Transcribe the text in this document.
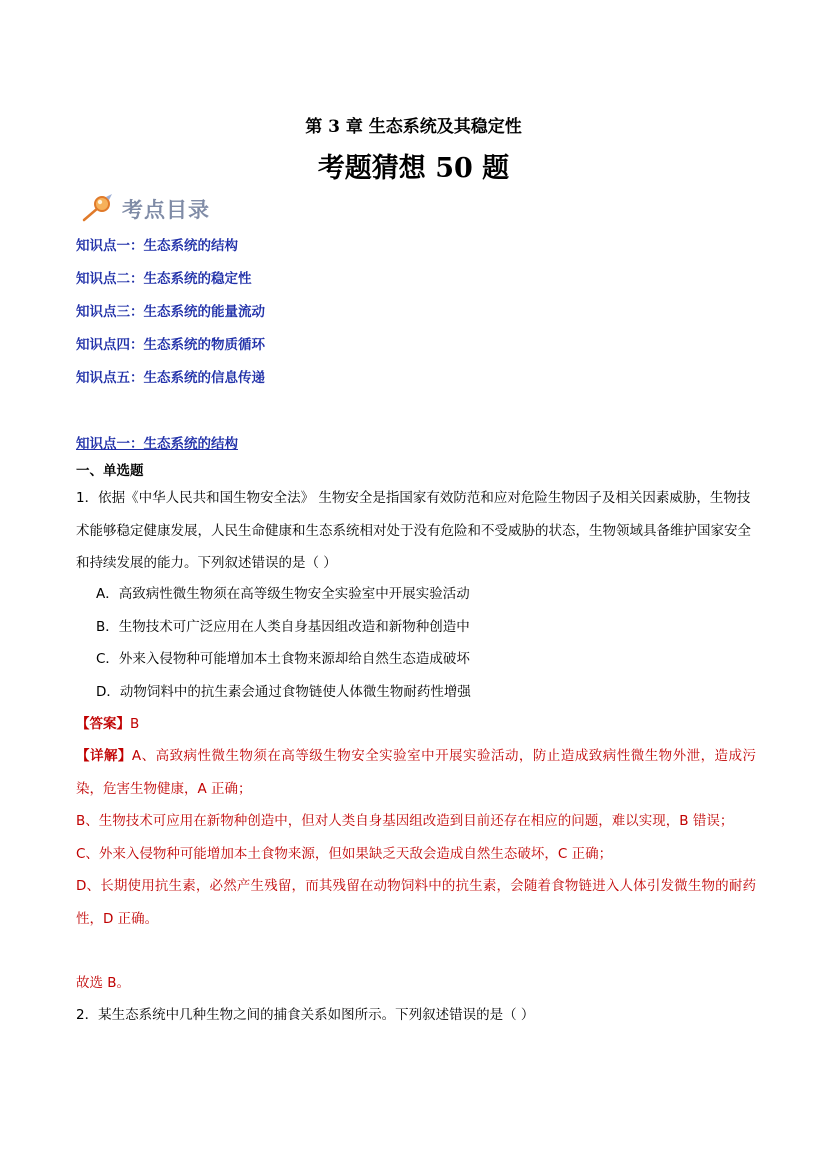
第 3 章 生态系统及其稳定性
考题猜想 50 题
考点目录
知识点一：生态系统的结构
知识点二：生态系统的稳定性
知识点三：生态系统的能量流动
知识点四：生态系统的物质循环
知识点五：生态系统的信息传递
知识点一：生态系统的结构
一、单选题
1．依据《中华人民共和国生物安全法》 生物安全是指国家有效防范和应对危险生物因子及相关因素威胁，生物技术能够稳定健康发展，人民生命健康和生态系统相对处于没有危险和不受威胁的状态，生物领域具备维护国家安全和持续发展的能力。下列叙述错误的是（ ）
A．高致病性微生物须在高等级生物安全实验室中开展实验活动
B．生物技术可广泛应用在人类自身基因组改造和新物种创造中
C．外来入侵物种可能增加本土食物来源却给自然生态造成破坏
D．动物饲料中的抗生素会通过食物链使人体微生物耐药性增强
【答案】B

【详解】A、高致病性微生物须在高等级生物安全实验室中开展实验活动，防止造成致病性微生物外泄，造成污染，危害生物健康，A 正确；

B、生物技术可应用在新物种创造中，但对人类自身基因组改造到目前还存在相应的问题，难以实现，B 错误；

C、外来入侵物种可能增加本土食物来源，但如果缺乏天敌会造成自然生态破坏，C 正确；

D、长期使用抗生素，必然产生残留，而其残留在动物饲料中的抗生素，会随着食物链进入人体引发微生物的耐药性，D 正确。

故选 B。
2．某生态系统中几种生物之间的捕食关系如图所示。下列叙述错误的是（ ）
